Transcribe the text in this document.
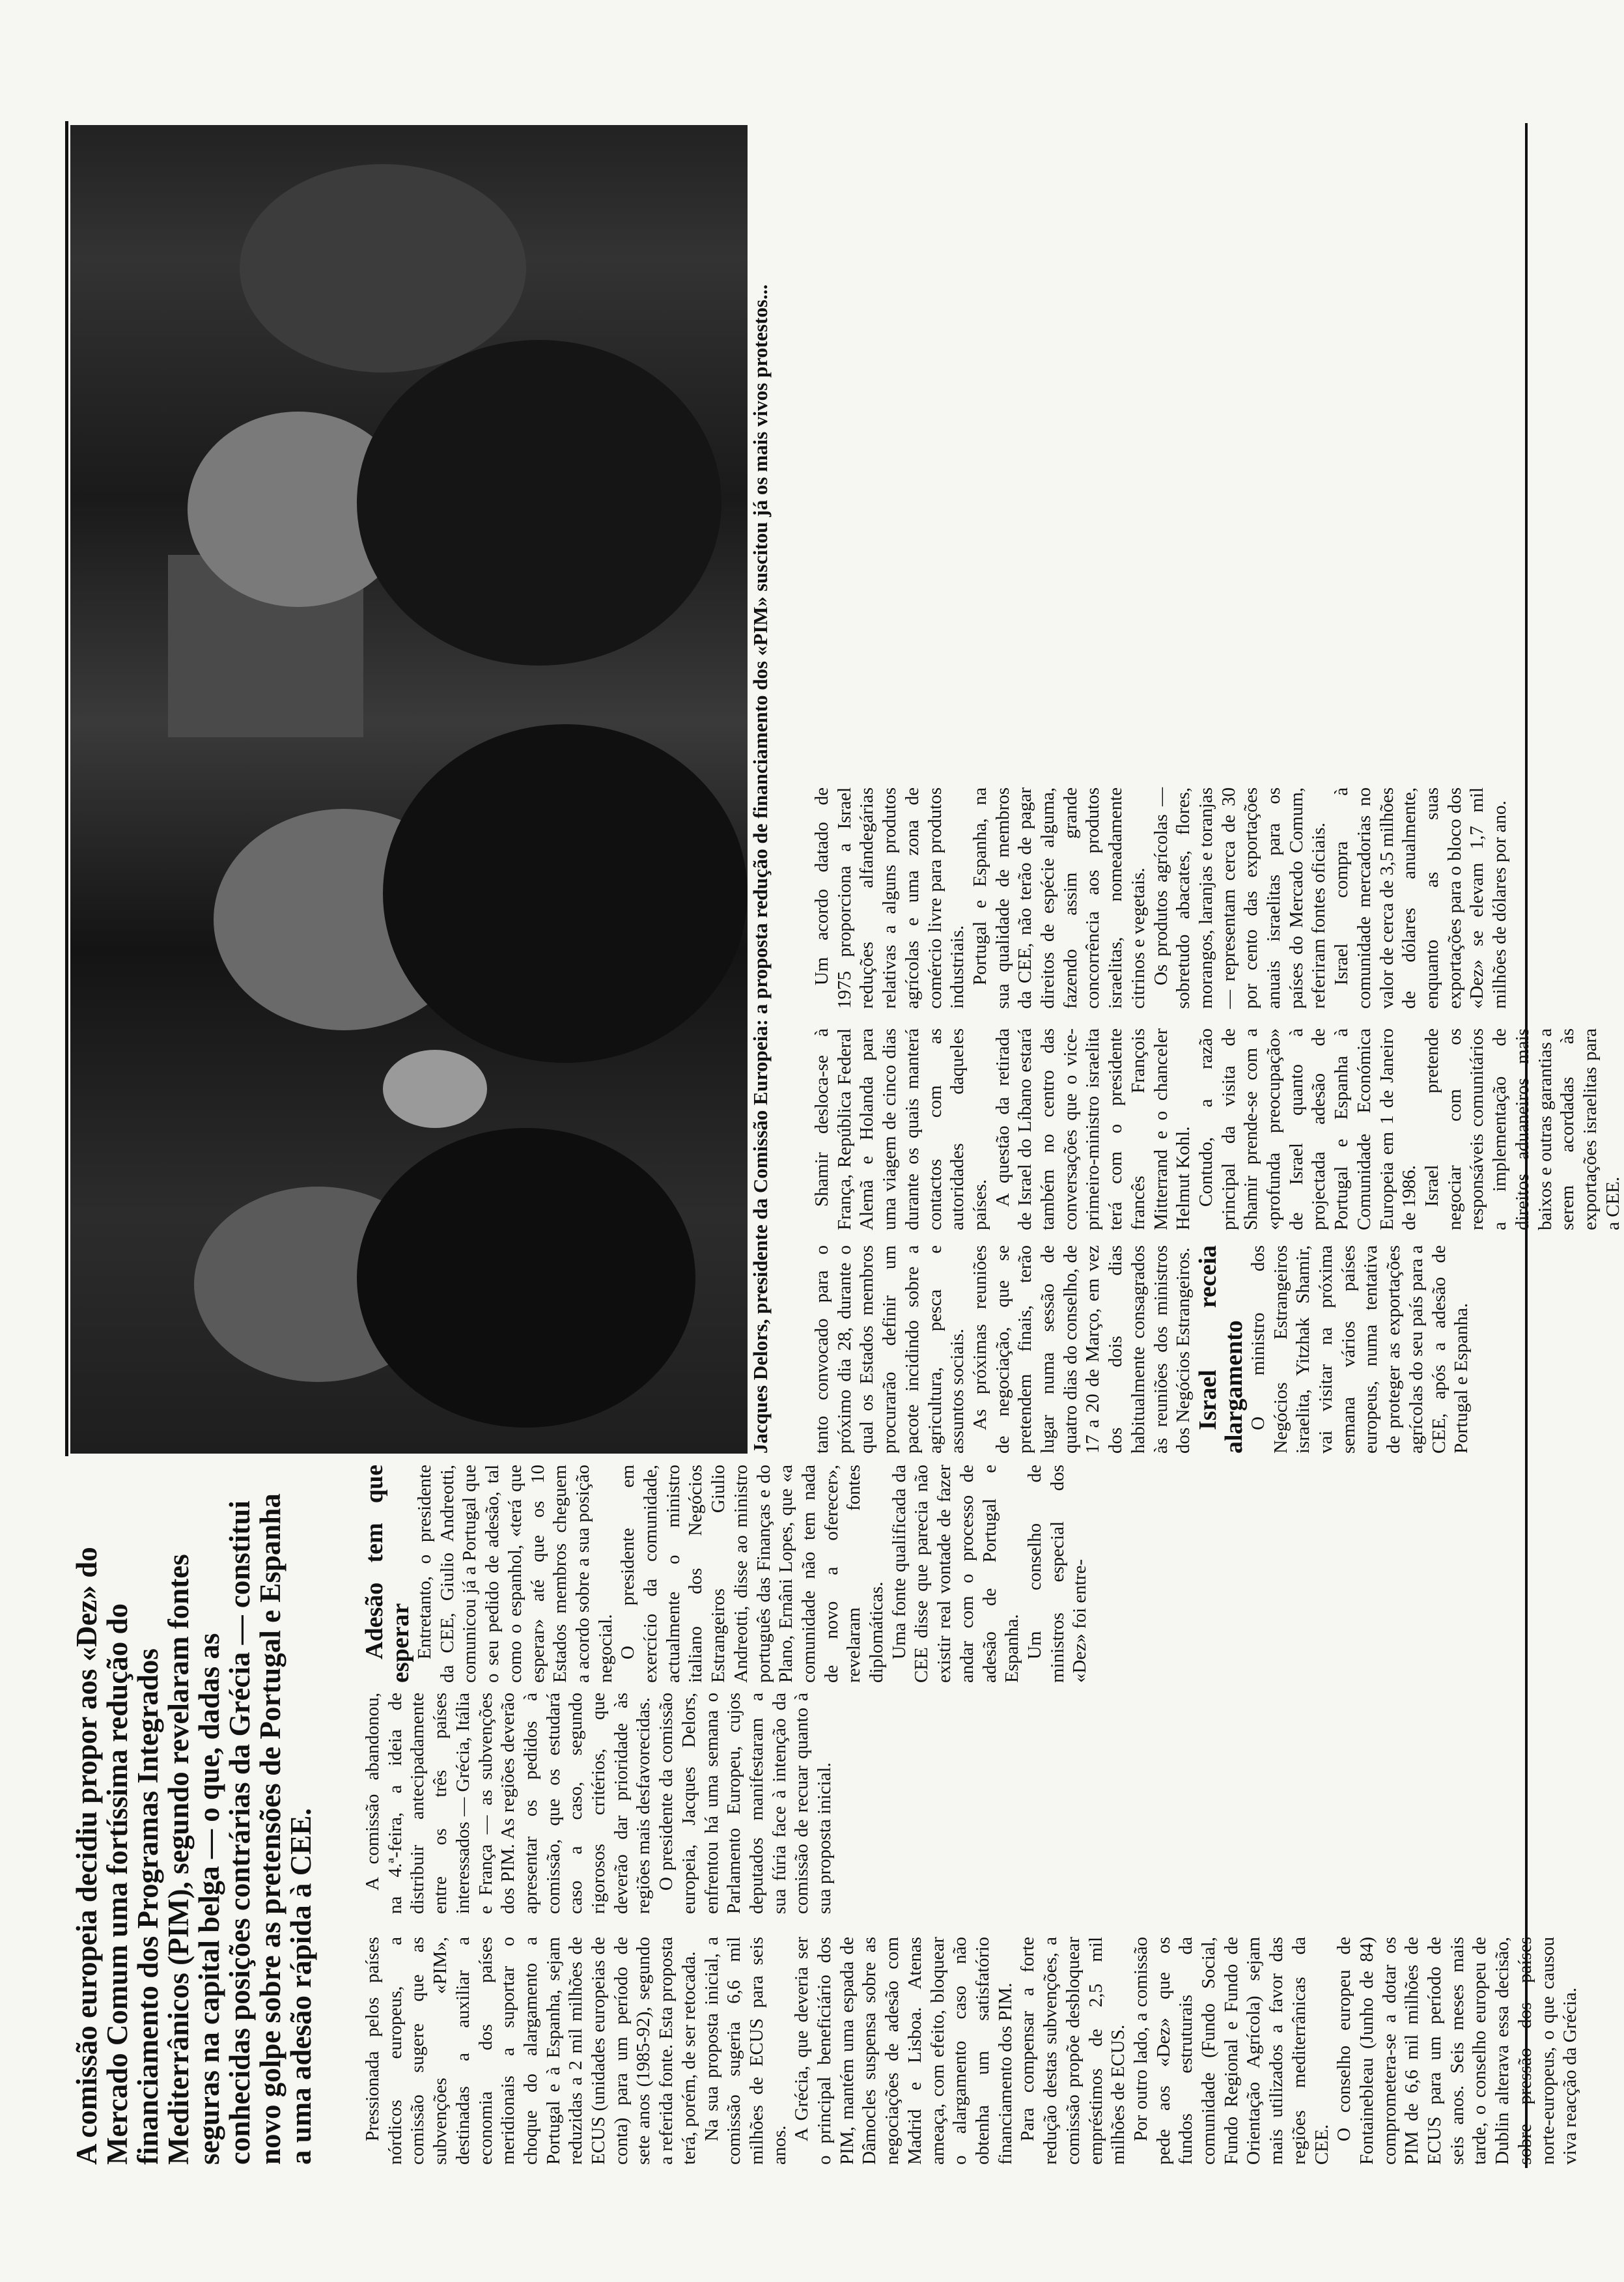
A comissão europeia decidiu propor aos «Dez» do Mercado Comum uma fortíssima redução do financiamento dos Programas Integrados Mediterrânicos (PIM), segundo revelaram fontes seguras na capital belga — o que, dadas as conhecidas posições contrárias da Grécia — constitui novo golpe sobre as pretensões de Portugal e Espanha a uma adesão rápida à CEE. Pressionada pelos países nórdicos europeus, a comissão sugere que as subvenções «PIM», destinadas a auxiliar a economia dos países meridionais a suportar o choque do alargamento a Portugal e à Espanha, sejam reduzidas a 2 mil milhões de ECUS (unidades europeias de conta) para um período de sete anos (1985-92), segundo a referida fonte. Esta proposta terá, porém, de ser retocada. Na sua proposta inicial, a comissão sugeria 6,6 mil milhões de ECUS para seis anos.

A Grécia, que deveria ser o principal beneficiário dos PIM, mantém uma espada de Dâmocles suspensa sobre as negociações de adesão com Madrid e Lisboa. Atenas ameaça, com efeito, bloquear o alargamento caso não obtenha um satisfatório financiamento dos PIM. Para compensar a forte redução destas subvenções, a comissão propõe desbloquear empréstimos de 2,5 mil milhões de ECUS. Por outro lado, a comissão pede aos «Dez» que os fundos estruturais da comunidade (Fundo Social, Fundo Regional e Fundo de Orientação Agrícola) sejam mais utilizados a favor das regiões mediterrânicas da CEE.

O conselho europeu de Fontainebleau (Junho de 84) comprometera-se a dotar os PIM de 6,6 mil milhões de ECUS para um período de seis anos. Seis meses mais tarde, o conselho europeu de Dublin alterava essa decisão, sobre pressão dos países norte-europeus, o que causou viva reacção da Grécia.

A comissão abandonou, na 4.ª-feira, a ideia de distribuir antecipadamente entre os três países interessados — Grécia, Itália e França — as subvenções dos PIM. As regiões deverão apresentar os pedidos à comissão, que os estudará caso a caso, segundo rigorosos critérios, que deverão dar prioridade às regiões mais desfavorecidas. O presidente da comissão europeia, Jacques Delors, enfrentou há uma semana o Parlamento Europeu, cujos deputados manifestaram a sua fúria face à intenção da comissão de recuar quanto à sua proposta inicial.

Adesão tem que esperar Entretanto, o presidente da CEE, Giulio Andreotti, comunicou já a Portugal que o seu pedido de adesão, tal como o espanhol, «terá que esperar» até que os 10 Estados membros cheguem a acordo sobre a sua posição negocial. O presidente em exercício da comunidade, actualmente o ministro italiano dos Negócios Estrangeiros Giulio Andreotti, disse ao ministro português das Finanças e do Plano, Ernâni Lopes, que «a comunidade não tem nada de novo a oferecer», revelaram fontes diplomáticas. Uma fonte qualificada da CEE disse que parecia não existir real vontade de fazer andar com o processo de adesão de Portugal e Espanha. Um conselho de ministros especial dos «Dez» foi entre-

Jacques Delors, presidente da Comissão Europeia: a proposta redução de financiamento dos «PIM» suscitou já os mais vivos protestos... tanto convocado para o próximo dia 28, durante o qual os Estados membros procurarão definir um pacote incidindo sobre a agricultura, pesca e assuntos sociais. As próximas reuniões de negociação, que se pretendem finais, terão lugar numa sessão de quatro dias do conselho, de 17 a 20 de Março, em vez dos dois dias habitualmente consagrados às reuniões dos ministros dos Negócios Estrangeiros. Israel receia alargamento O ministro dos Negócios Estrangeiros israelita, Yitzhak Shamir, vai visitar na próxima semana vários países europeus, numa tentativa de proteger as exportações agrícolas do seu país para a CEE, após a adesão de Portugal e Espanha.

Shamir desloca-se à França, República Federal Alemã e Holanda para uma viagem de cinco dias durante os quais manterá contactos com as autoridades daqueles países. A questão da retirada de Israel do Líbano estará também no centro das conversações que o vice-primeiro-ministro israelita terá com o presidente francês François Mitterrand e o chanceler Helmut Kohl. Contudo, a razão principal da visita de Shamir prende-se com a «profunda preocupação» de Israel quanto à projectada adesão de Portugal e Espanha à Comunidade Económica Europeia em 1 de Janeiro de 1986. Israel pretende negociar com os responsáveis comunitários a implementação de direitos aduaneiros mais baixos e outras garantias a serem acordadas às exportações israelitas para a CEE.

Um acordo datado de 1975 proporciona a Israel reduções alfandegárias relativas a alguns produtos agrícolas e uma zona de comércio livre para produtos industriais. Portugal e Espanha, na sua qualidade de membros da CEE, não terão de pagar direitos de espécie alguma, fazendo assim grande concorrência aos produtos israelitas, nomeadamente citrinos e vegetais. Os produtos agrícolas — sobretudo abacates, flores, morangos, laranjas e toranjas — representam cerca de 30 por cento das exportações anuais israelitas para os países do Mercado Comum, referiram fontes oficiais. Israel compra à comunidade mercadorias no valor de cerca de 3,5 milhões de dólares anualmente, enquanto as suas exportações para o bloco dos «Dez» se elevam 1,7 mil milhões de dólares por ano.
